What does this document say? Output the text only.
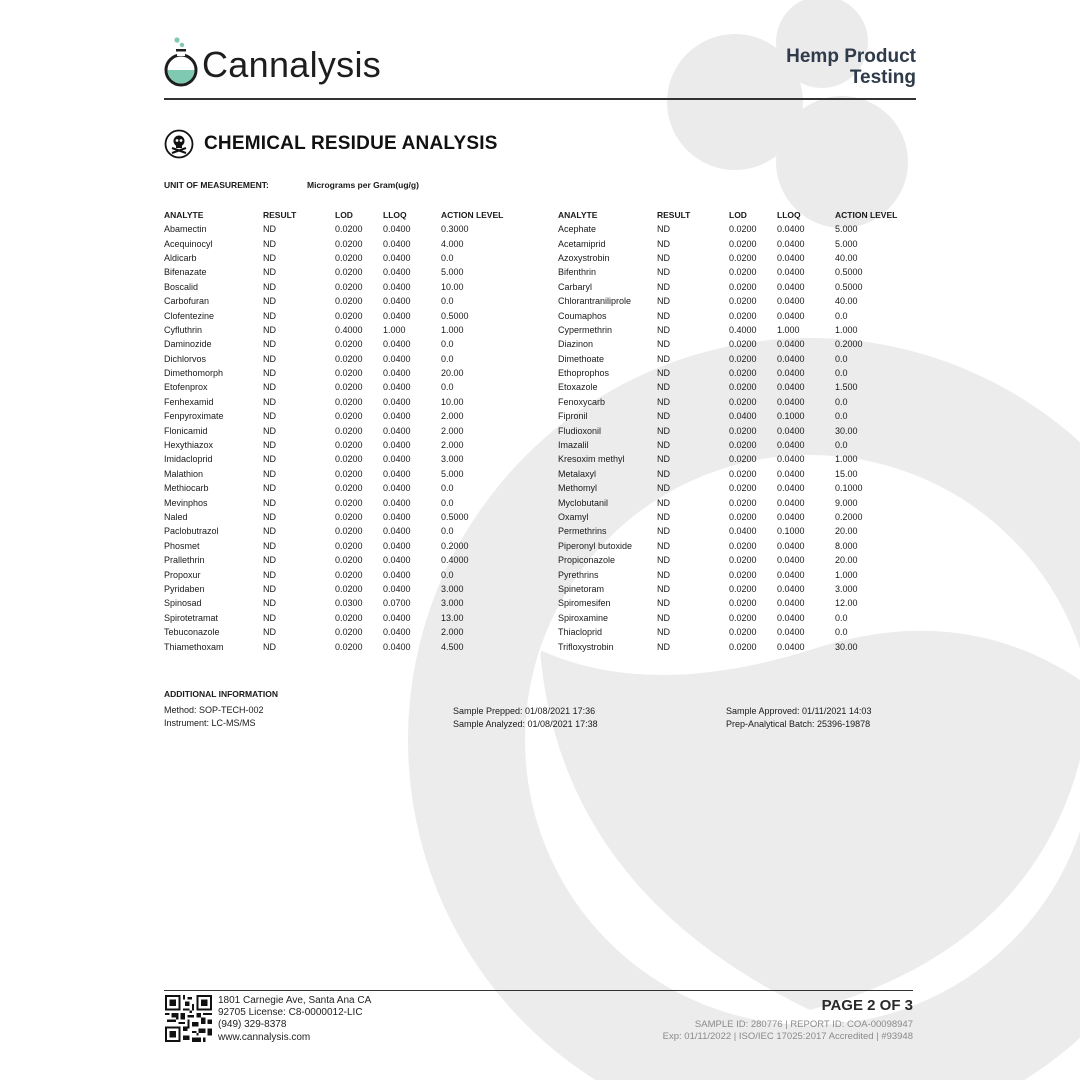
Cannalysis	Hemp Product
Testing
CHEMICAL RESIDUE ANALYSIS
UNIT OF MEASUREMENT:	Micrograms per Gram(ug/g)
ANALYTE	RESULT	LOD	LLOQ	ACTION LEVEL
Abamectin	ND	0.0200	0.0400	0.3000
Acequinocyl	ND	0.0200	0.0400	4.000
Aldicarb	ND	0.0200	0.0400	0.0
Bifenazate	ND	0.0200	0.0400	5.000
Boscalid	ND	0.0200	0.0400	10.00
Carbofuran	ND	0.0200	0.0400	0.0
Clofentezine	ND	0.0200	0.0400	0.5000
Cyfluthrin	ND	0.4000	1.000	1.000
Daminozide	ND	0.0200	0.0400	0.0
Dichlorvos	ND	0.0200	0.0400	0.0
Dimethomorph	ND	0.0200	0.0400	20.00
Etofenprox	ND	0.0200	0.0400	0.0
Fenhexamid	ND	0.0200	0.0400	10.00
Fenpyroximate	ND	0.0200	0.0400	2.000
Flonicamid	ND	0.0200	0.0400	2.000
Hexythiazox	ND	0.0200	0.0400	2.000
Imidacloprid	ND	0.0200	0.0400	3.000
Malathion	ND	0.0200	0.0400	5.000
Methiocarb	ND	0.0200	0.0400	0.0
Mevinphos	ND	0.0200	0.0400	0.0
Naled	ND	0.0200	0.0400	0.5000
Paclobutrazol	ND	0.0200	0.0400	0.0
Phosmet	ND	0.0200	0.0400	0.2000
Prallethrin	ND	0.0200	0.0400	0.4000
Propoxur	ND	0.0200	0.0400	0.0
Pyridaben	ND	0.0200	0.0400	3.000
Spinosad	ND	0.0300	0.0700	3.000
Spirotetramat	ND	0.0200	0.0400	13.00
Tebuconazole	ND	0.0200	0.0400	2.000
Thiamethoxam	ND	0.0200	0.0400	4.500
ANALYTE	RESULT	LOD	LLOQ	ACTION LEVEL
Acephate	ND	0.0200	0.0400	5.000
Acetamiprid	ND	0.0200	0.0400	5.000
Azoxystrobin	ND	0.0200	0.0400	40.00
Bifenthrin	ND	0.0200	0.0400	0.5000
Carbaryl	ND	0.0200	0.0400	0.5000
Chlorantraniliprole	ND	0.0200	0.0400	40.00
Coumaphos	ND	0.0200	0.0400	0.0
Cypermethrin	ND	0.4000	1.000	1.000
Diazinon	ND	0.0200	0.0400	0.2000
Dimethoate	ND	0.0200	0.0400	0.0
Ethoprophos	ND	0.0200	0.0400	0.0
Etoxazole	ND	0.0200	0.0400	1.500
Fenoxycarb	ND	0.0200	0.0400	0.0
Fipronil	ND	0.0400	0.1000	0.0
Fludioxonil	ND	0.0200	0.0400	30.00
Imazalil	ND	0.0200	0.0400	0.0
Kresoxim methyl	ND	0.0200	0.0400	1.000
Metalaxyl	ND	0.0200	0.0400	15.00
Methomyl	ND	0.0200	0.0400	0.1000
Myclobutanil	ND	0.0200	0.0400	9.000
Oxamyl	ND	0.0200	0.0400	0.2000
Permethrins	ND	0.0400	0.1000	20.00
Piperonyl butoxide	ND	0.0200	0.0400	8.000
Propiconazole	ND	0.0200	0.0400	20.00
Pyrethrins	ND	0.0200	0.0400	1.000
Spinetoram	ND	0.0200	0.0400	3.000
Spiromesifen	ND	0.0200	0.0400	12.00
Spiroxamine	ND	0.0200	0.0400	0.0
Thiacloprid	ND	0.0200	0.0400	0.0
Trifloxystrobin	ND	0.0200	0.0400	30.00
ADDITIONAL INFORMATION
Method: SOP-TECH-002
Instrument: LC-MS/MS
Sample Prepped: 01/08/2021 17:36
Sample Analyzed: 01/08/2021 17:38
Sample Approved: 01/11/2021 14:03
Prep-Analytical Batch: 25396-19878
1801 Carnegie Ave, Santa Ana CA
92705 License: C8-0000012-LIC
(949) 329-8378
www.cannalysis.com
PAGE 2 OF 3
SAMPLE ID: 280776 | REPORT ID: COA-00098947
Exp: 01/11/2022 | ISO/IEC 17025:2017 Accredited | #93948
